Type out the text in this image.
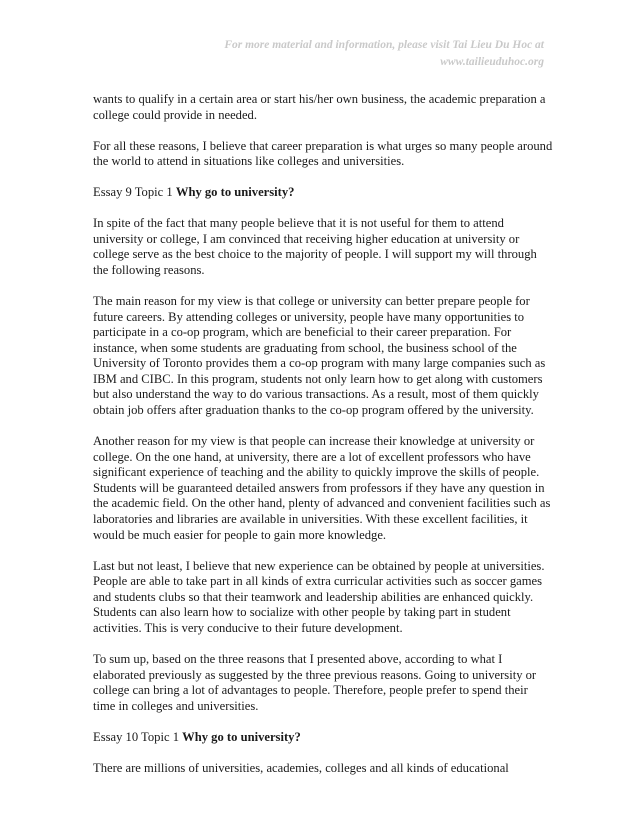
For more material and information, please visit Tai Lieu Du Hoc at
www.tailieuduhoc.org

wants to qualify in a certain area or start his/her own business, the academic preparation a college could provide in needed.

For all these reasons, I believe that career preparation is what urges so many people around the world to attend in situations like colleges and universities.

Essay 9 Topic 1 Why go to university?

In spite of the fact that many people believe that it is not useful for them to attend university or college, I am convinced that receiving higher education at university or college serve as the best choice to the majority of people. I will support my will through the following reasons.

The main reason for my view is that college or university can better prepare people for future careers. By attending colleges or university, people have many opportunities to participate in a co-op program, which are beneficial to their career preparation. For instance, when some students are graduating from school, the business school of the University of Toronto provides them a co-op program with many large companies such as IBM and CIBC. In this program, students not only learn how to get along with customers but also understand the way to do various transactions. As a result, most of them quickly obtain job offers after graduation thanks to the co-op program offered by the university.

Another reason for my view is that people can increase their knowledge at university or college. On the one hand, at university, there are a lot of excellent professors who have significant experience of teaching and the ability to quickly improve the skills of people. Students will be guaranteed detailed answers from professors if they have any question in the academic field. On the other hand, plenty of advanced and convenient facilities such as laboratories and libraries are available in universities. With these excellent facilities, it would be much easier for people to gain more knowledge.

Last but not least, I believe that new experience can be obtained by people at universities. People are able to take part in all kinds of extra curricular activities such as soccer games and students clubs so that their teamwork and leadership abilities are enhanced quickly. Students can also learn how to socialize with other people by taking part in student activities. This is very conducive to their future development.

To sum up, based on the three reasons that I presented above, according to what I elaborated previously as suggested by the three previous reasons. Going to university or college can bring a lot of advantages to people. Therefore, people prefer to spend their time in colleges and universities.

Essay 10 Topic 1 Why go to university?

There are millions of universities, academies, colleges and all kinds of educational
